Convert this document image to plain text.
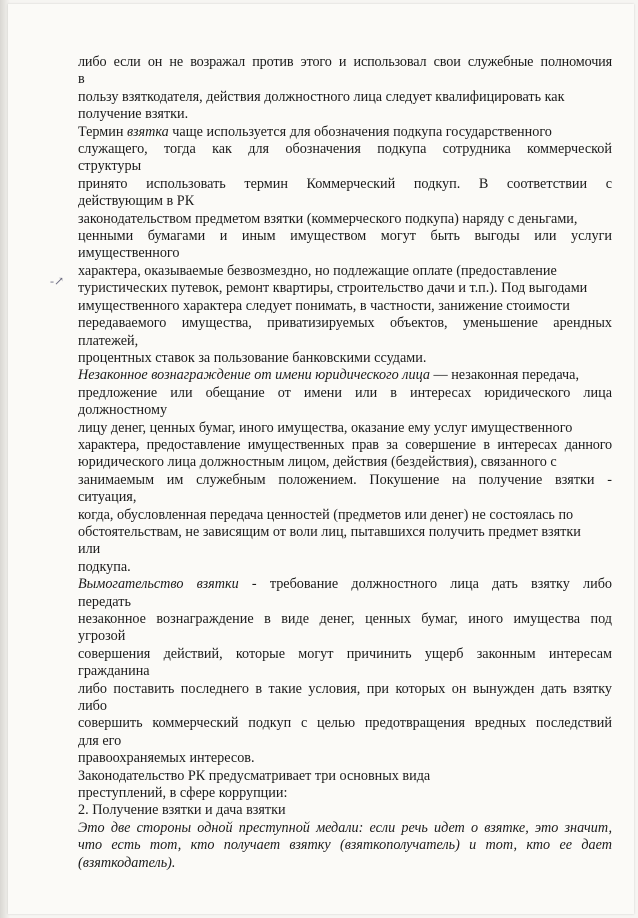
-↗

либо если он не возражал против этого и использовал свои служебные полномочия

в

пользу взяткодателя, действия должностного лица следует квалифицировать как

получение взятки.

Термин взятка чаще используется для обозначения подкупа государственного

служащего, тогда как для обозначения подкупа сотрудника коммерческой

структуры

принято использовать термин Коммерческий подкуп. В соответствии с

действующим в РК

законодательством предметом взятки (коммерческого подкупа) наряду с деньгами,

ценными бумагами и иным имуществом могут быть выгоды или услуги

имущественного

характера, оказываемые безвозмездно, но подлежащие оплате (предоставление

туристических путевок, ремонт квартиры, строительство дачи и т.п.). Под выгодами

имущественного характера следует понимать, в частности, занижение стоимости

передаваемого имущества, приватизируемых объектов, уменьшение арендных

платежей,

процентных ставок за пользование банковскими ссудами.

Незаконное вознаграждение от имени юридического лица — незаконная передача,

предложение или обещание от имени или в интересах юридического лица

должностному

лицу денег, ценных бумаг, иного имущества, оказание ему услуг имущественного

характера, предоставление имущественных прав за совершение в интересах данного

юридического лица должностным лицом, действия (бездействия), связанного с

занимаемым им служебным положением. Покушение на получение взятки -

ситуация,

когда, обусловленная передача ценностей (предметов или денег) не состоялась по

обстоятельствам, не зависящим от воли лиц, пытавшихся получить предмет взятки

или

подкупа.

Вымогательство взятки - требование должностного лица дать взятку либо

передать

незаконное вознаграждение в виде денег, ценных бумаг, иного имущества под

угрозой

совершения действий, которые могут причинить ущерб законным интересам

гражданина

либо поставить последнего в такие условия, при которых он вынужден дать взятку

либо

совершить коммерческий подкуп с целью предотвращения вредных последствий

для его

правоохраняемых интересов.

Законодательство РК предусматривает три основных вида

преступлений, в сфере коррупции:

2. Получение взятки и дача взятки

Это две стороны одной преступной медали: если речь идет о взятке, это значит,

что есть тот, кто получает взятку (взяткополучатель) и тот, кто ее дает

(взяткодатель).
